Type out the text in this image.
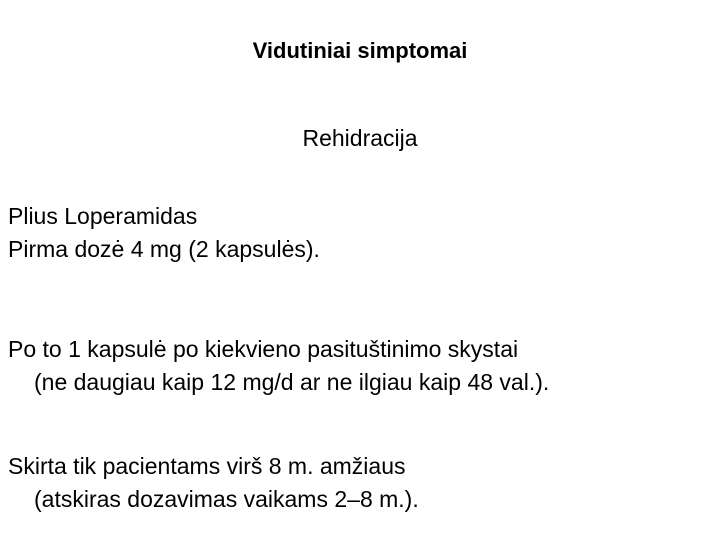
Vidutiniai simptomai
Rehidracija
Plius Loperamidas
Pirma dozė 4 mg (2 kapsulės).
Po to 1 kapsulė po kiekvieno pasituštinimo skystai
(ne daugiau kaip 12 mg/d ar ne ilgiau kaip 48 val.).
Skirta tik pacientams virš 8 m. amžiaus
(atskiras dozavimas vaikams 2–8 m.).
